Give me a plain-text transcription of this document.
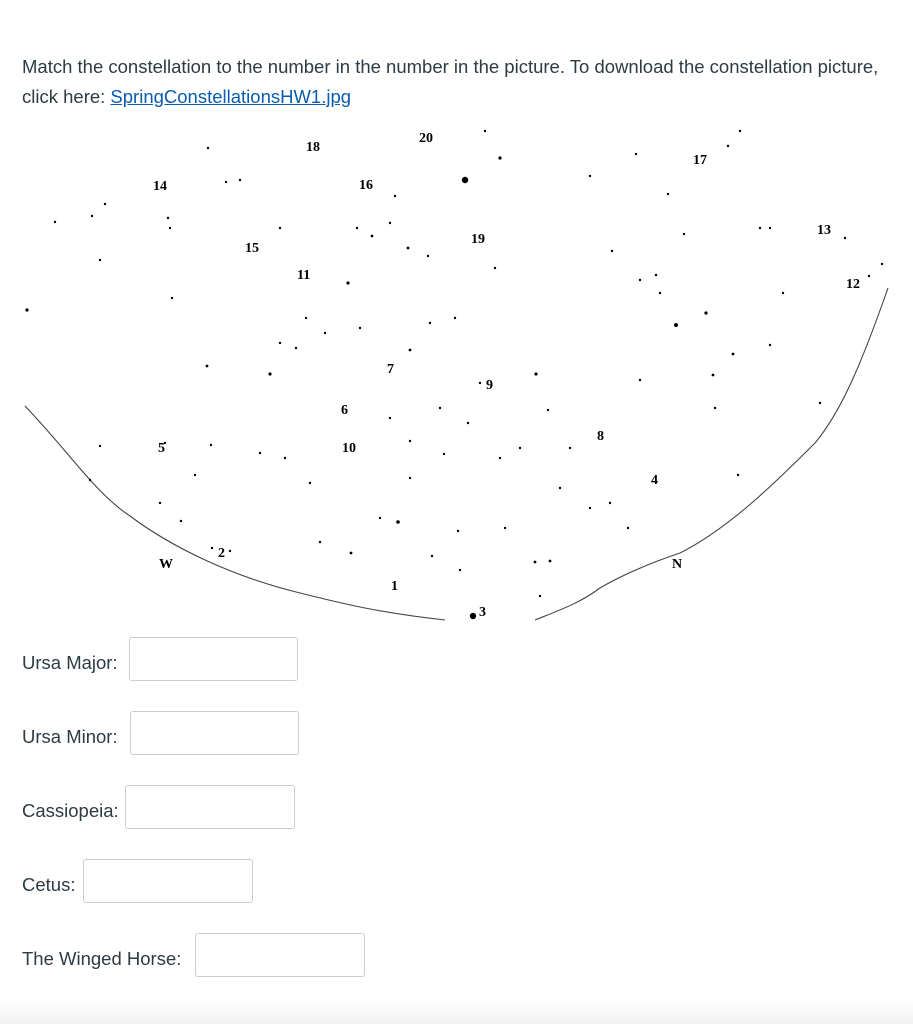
Match the constellation to the number in the number in the picture. To download the constellation picture, click here: SpringConstellationsHW1.jpg
1
2
3
4
5
6
7
8
9
10
11
12
13
14
15
16
17
18
19
20
W	N
Ursa Major:
Ursa Minor:
Cassiopeia:
Cetus:
The Winged Horse:
